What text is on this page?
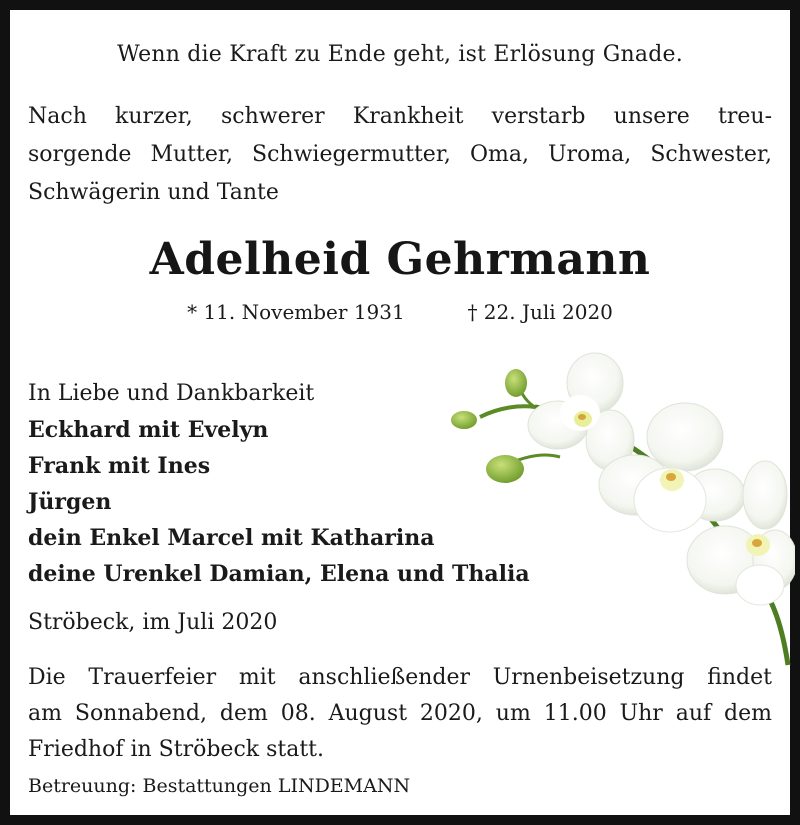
Wenn die Kraft zu Ende geht, ist Erlösung Gnade.
Nach kurzer, schwerer Krankheit verstarb unsere treu-
sorgende Mutter, Schwiegermutter, Oma, Uroma, Schwester,
Schwägerin und Tante
Adelheid Gehrmann
* 11. November 1931	† 22. Juli 2020
In Liebe und Dankbarkeit
Eckhard mit Evelyn
Frank mit Ines
Jürgen
dein Enkel Marcel mit Katharina
deine Urenkel Damian, Elena und Thalia
Ströbeck, im Juli 2020
Die Trauerfeier mit anschließender Urnenbeisetzung findet
am Sonnabend, dem 08. August 2020, um 11.00 Uhr auf dem
Friedhof in Ströbeck statt.
Betreuung: Bestattungen LINDEMANN
